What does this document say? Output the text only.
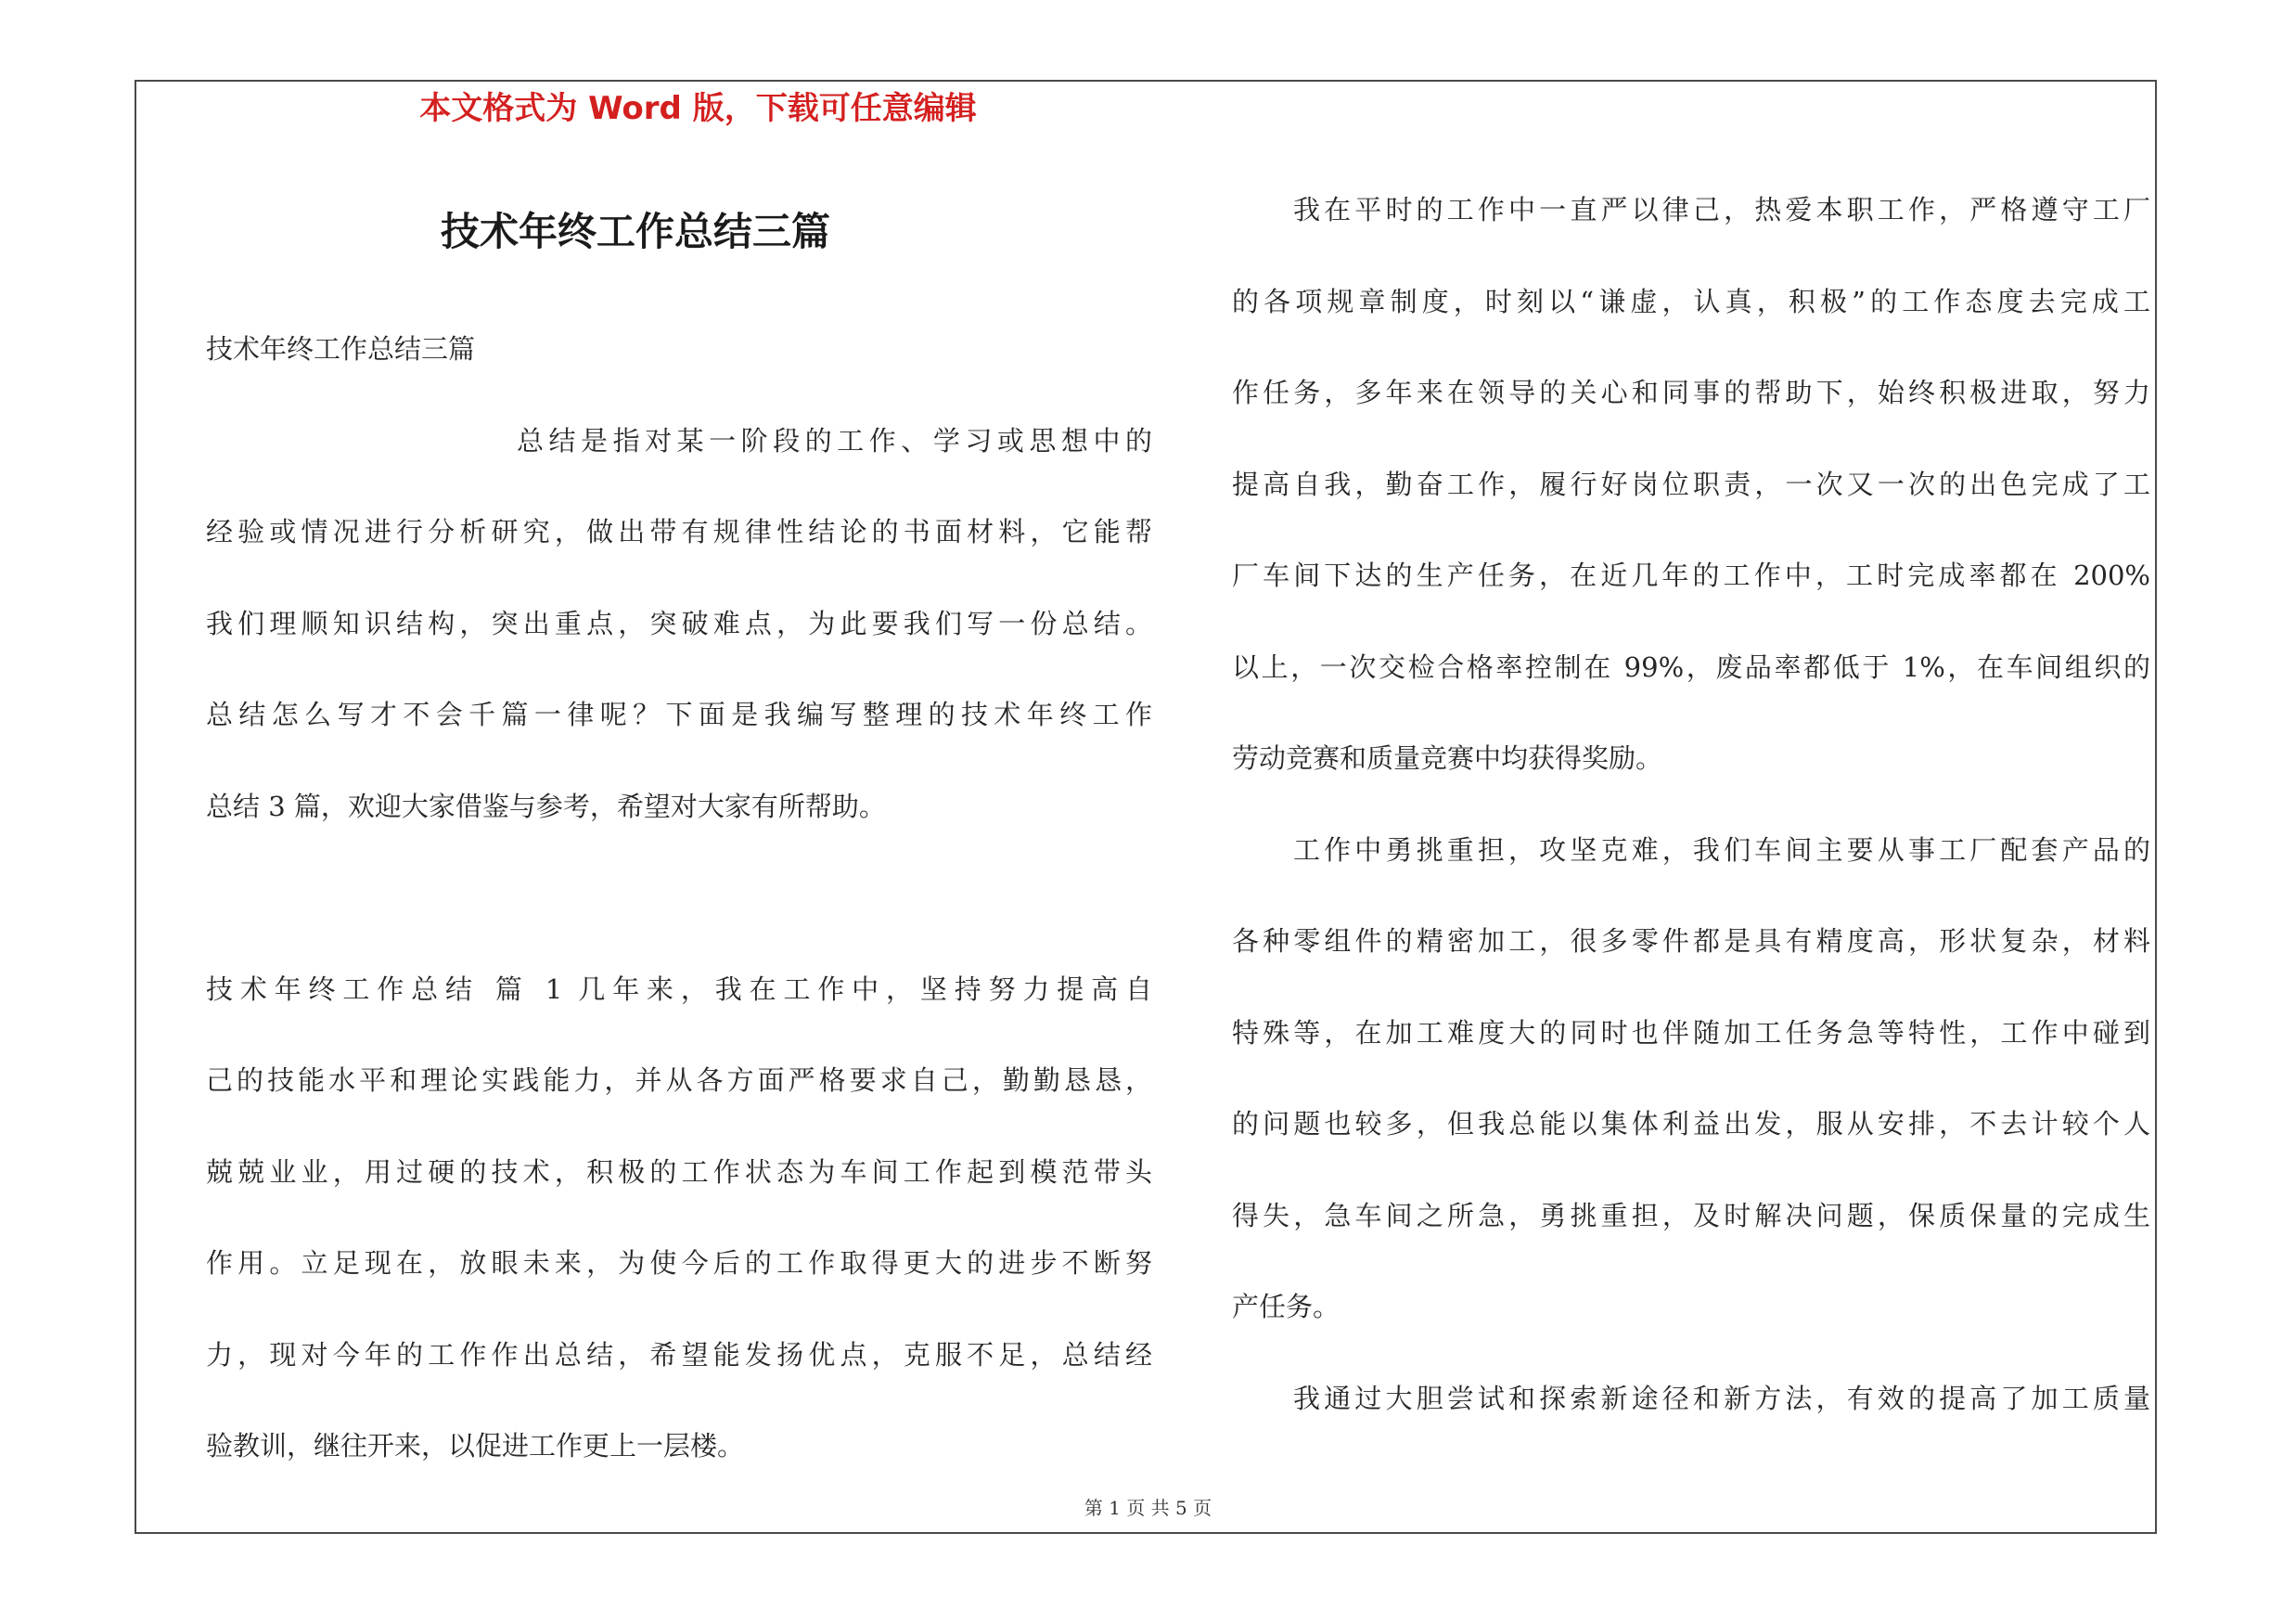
本文格式为 Word 版，下载可任意编辑
技术年终工作总结三篇
技术年终工作总结三篇
总结是指对某一阶段的工作、学习或思想中的
经验或情况进行分析研究，做出带有规律性结论的书面材料，它能帮
我们理顺知识结构，突出重点，突破难点，为此要我们写一份总结。
总结怎么写才不会千篇一律呢？下面是我编写整理的技术年终工作
总结 3 篇，欢迎大家借鉴与参考，希望对大家有所帮助。
技术年终工作总结 篇 1 几年来，我在工作中，坚持努力提高自
己的技能水平和理论实践能力，并从各方面严格要求自己，勤勤恳恳，
兢兢业业，用过硬的技术，积极的工作状态为车间工作起到模范带头
作用。立足现在，放眼未来，为使今后的工作取得更大的进步不断努
力，现对今年的工作作出总结，希望能发扬优点，克服不足，总结经
验教训，继往开来，以促进工作更上一层楼。
我在平时的工作中一直严以律己，热爱本职工作，严格遵守工厂
的各项规章制度，时刻以“谦虚，认真，积极”的工作态度去完成工
作任务，多年来在领导的关心和同事的帮助下，始终积极进取，努力
提高自我，勤奋工作，履行好岗位职责，一次又一次的出色完成了工
厂车间下达的生产任务，在近几年的工作中，工时完成率都在 200%
以上，一次交检合格率控制在 99%，废品率都低于 1%，在车间组织的
劳动竞赛和质量竞赛中均获得奖励。
工作中勇挑重担，攻坚克难，我们车间主要从事工厂配套产品的
各种零组件的精密加工，很多零件都是具有精度高，形状复杂，材料
特殊等，在加工难度大的同时也伴随加工任务急等特性，工作中碰到
的问题也较多，但我总能以集体利益出发，服从安排，不去计较个人
得失，急车间之所急，勇挑重担，及时解决问题，保质保量的完成生
产任务。
我通过大胆尝试和探索新途径和新方法，有效的提高了加工质量
第 1 页 共 5 页
